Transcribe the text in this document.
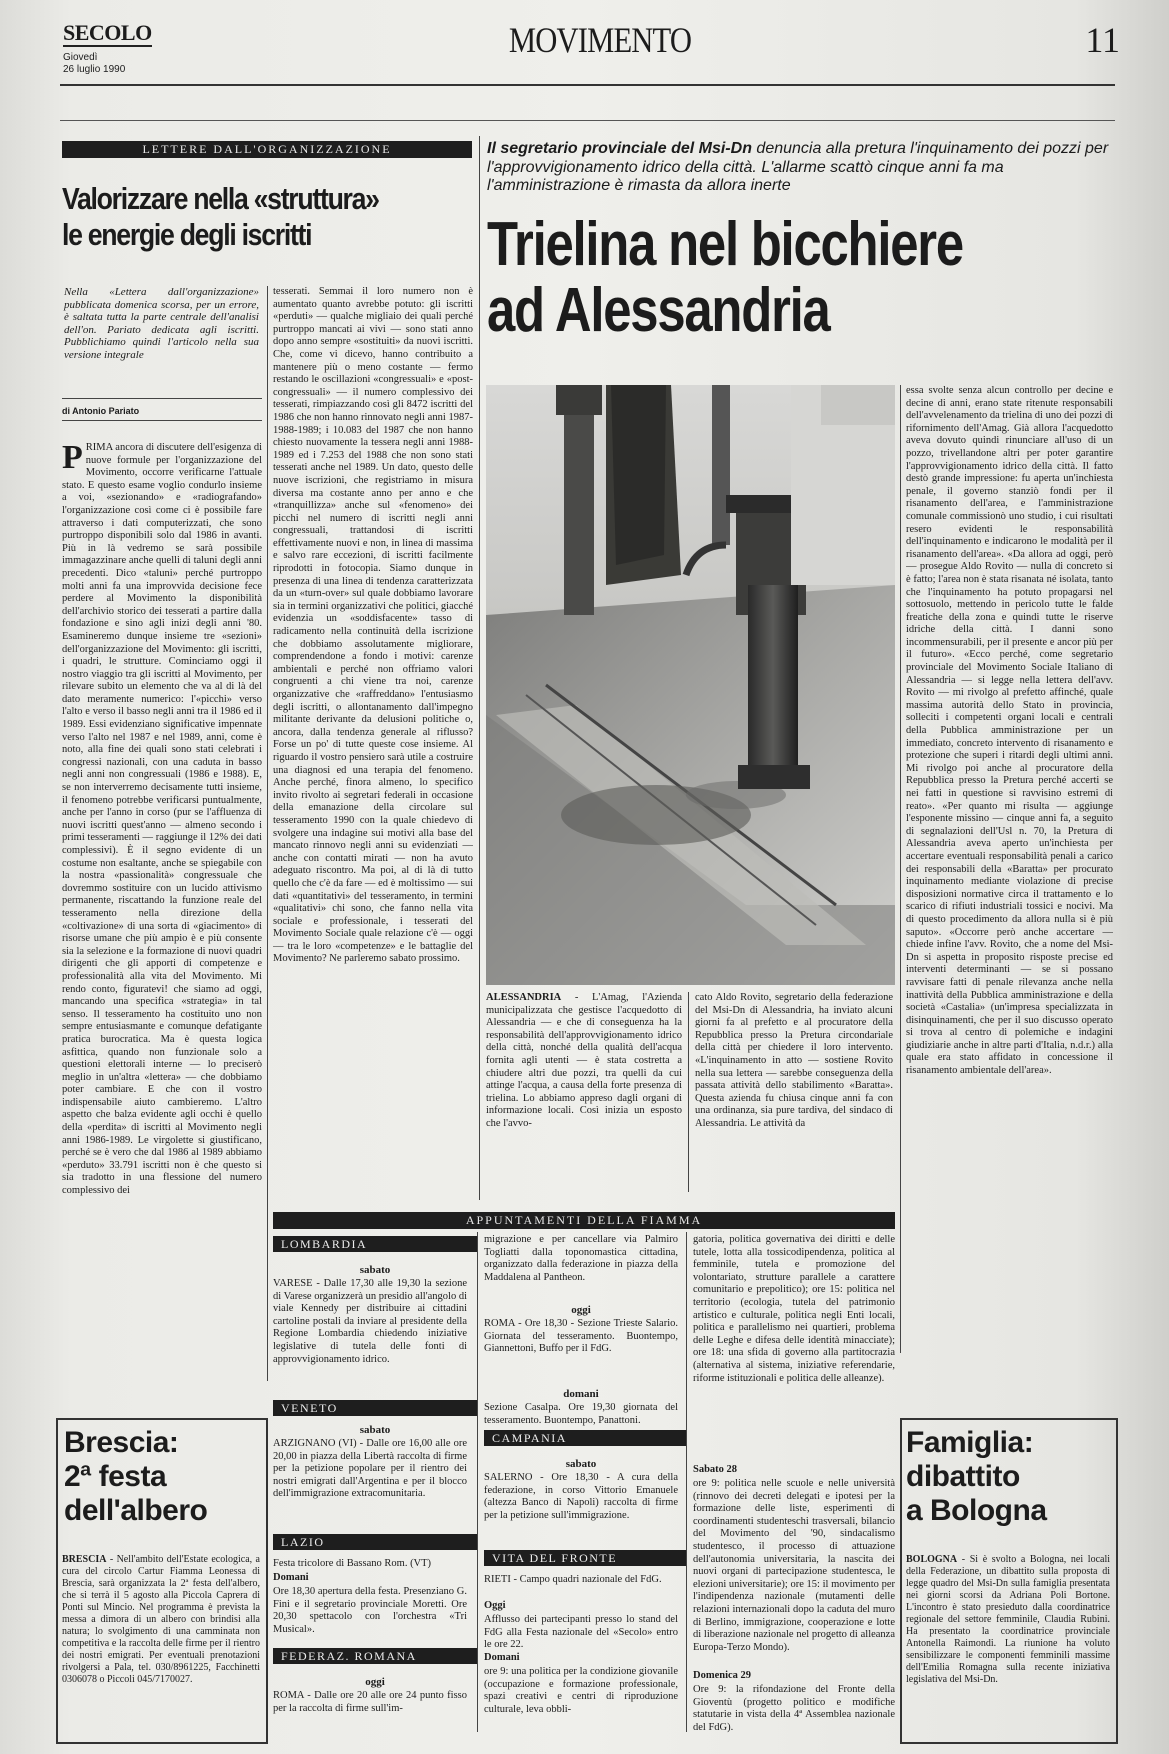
SECOLO
Giovedì
26 luglio 1990
MOVIMENTO	11
LETTERE DALL'ORGANIZZAZIONE
Valorizzare nella «struttura»
le energie degli iscritti
Nella «Lettera dall'organizzazione» pubblicata domenica scorsa, per un errore, è saltata tutta la parte centrale dell'analisi dell'on. Pariato dedicata agli iscritti. Pubblichiamo quindi l'articolo nella sua versione integrale
di Antonio Pariato
PRIMA ancora di discutere dell'esigenza di nuove formule per l'organizzazione del Movimento, occorre verificarne l'attuale stato. E questo esame voglio condurlo insieme a voi, «sezionando» e «radiografando» l'organizzazione così come ci è possibile fare attraverso i dati computerizzati, che sono purtroppo disponibili solo dal 1986 in avanti. Più in là vedremo se sarà possibile immagazzinare anche quelli di taluni degli anni precedenti. Dico «taluni» perché purtroppo molti anni fa una improvvida decisione fece perdere al Movimento la disponibilità dell'archivio storico dei tesserati a partire dalla fondazione e sino agli inizi degli anni '80. Esamineremo dunque insieme tre «sezioni» dell'organizzazione del Movimento: gli iscritti, i quadri, le strutture. Cominciamo oggi il nostro viaggio tra gli iscritti al Movimento, per rilevare subito un elemento che va al di là del dato meramente numerico: l'«picchi» verso l'alto e verso il basso negli anni tra il 1986 ed il 1989. Essi evidenziano significative impennate verso l'alto nel 1987 e nel 1989, anni, come è noto, alla fine dei quali sono stati celebrati i congressi nazionali, con una caduta in basso negli anni non congressuali (1986 e 1988). E, se non interverremo decisamente tutti insieme, il fenomeno potrebbe verificarsi puntualmente, anche per l'anno in corso (pur se l'affluenza di nuovi iscritti quest'anno — almeno secondo i primi tesseramenti — raggiunge il 12% dei dati complessivi). È il segno evidente di un costume non esaltante, anche se spiegabile con la nostra «passionalità» congressuale che dovremmo sostituire con un lucido attivismo permanente, riscattando la funzione reale del tesseramento nella direzione della «coltivazione» di una sorta di «giacimento» di risorse umane che più ampio è e più consente sia la selezione e la formazione di nuovi quadri dirigenti che gli apporti di competenze e professionalità alla vita del Movimento. Mi rendo conto, figuratevi! che siamo ad oggi, mancando una specifica «strategia» in tal senso. Il tesseramento ha costituito uno non sempre entusiasmante e comunque defatigante pratica burocratica. Ma è questa logica asfittica, quando non funzionale solo a questioni elettorali interne — lo preciserò meglio in un'altra «lettera» — che dobbiamo poter cambiare. E che con il vostro indispensabile aiuto cambieremo. L'altro aspetto che balza evidente agli occhi è quello della «perdita» di iscritti al Movimento negli anni 1986-1989. Le virgolette si giustificano, perché se è vero che dal 1986 al 1989 abbiamo «perduto» 33.791 iscritti non è che questo si sia tradotto in una flessione del numero complessivo dei
tesserati. Semmai il loro numero non è aumentato quanto avrebbe potuto: gli iscritti «perduti» — qualche migliaio dei quali perché purtroppo mancati ai vivi — sono stati anno dopo anno sempre «sostituiti» da nuovi iscritti. Che, come vi dicevo, hanno contribuito a mantenere più o meno costante — fermo restando le oscillazioni «congressuali» e «post-congressuali» — il numero complessivo dei tesserati, rimpiazzando così gli 8472 iscritti del 1986 che non hanno rinnovato negli anni 1987-1988-1989; i 10.083 del 1987 che non hanno chiesto nuovamente la tessera negli anni 1988-1989 ed i 7.253 del 1988 che non sono stati tesserati anche nel 1989. Un dato, questo delle nuove iscrizioni, che registriamo in misura diversa ma costante anno per anno e che «tranquillizza» anche sul «fenomeno» dei picchi nel numero di iscritti negli anni congressuali, trattandosi di iscritti effettivamente nuovi e non, in linea di massima e salvo rare eccezioni, di iscritti facilmente riprodotti in fotocopia. Siamo dunque in presenza di una linea di tendenza caratterizzata da un «turn-over» sul quale dobbiamo lavorare sia in termini organizzativi che politici, giacché evidenzia un «soddisfacente» tasso di radicamento nella continuità della iscrizione che dobbiamo assolutamente migliorare, comprendendone a fondo i motivi: carenze ambientali e perché non offriamo valori congruenti a chi viene tra noi, carenze organizzative che «raffreddano» l'entusiasmo degli iscritti, o allontanamento dall'impegno militante derivante da delusioni politiche o, ancora, dalla tendenza generale al riflusso? Forse un po' di tutte queste cose insieme. Al riguardo il vostro pensiero sarà utile a costruire una diagnosi ed una terapia del fenomeno. Anche perché, finora almeno, lo specifico invito rivolto ai segretari federali in occasione della emanazione della circolare sul tesseramento 1990 con la quale chiedevo di svolgere una indagine sui motivi alla base del mancato rinnovo negli anni su evidenziati — anche con contatti mirati — non ha avuto adeguato riscontro. Ma poi, al di là di tutto quello che c'è da fare — ed è moltissimo — sui dati «quantitativi» del tesseramento, in termini «qualitativi» chi sono, che fanno nella vita sociale e professionale, i tesserati del Movimento Sociale quale relazione c'è — oggi — tra le loro «competenze» e le battaglie del Movimento? Ne parleremo sabato prossimo.
Il segretario provinciale del Msi-Dn denuncia alla pretura l'inquinamento dei pozzi per l'approvvigionamento idrico della città. L'allarme scattò cinque anni fa ma l'amministrazione è rimasta da allora inerte
Trielina nel bicchiere
ad Alessandria
ALESSANDRIA - L'Amag, l'Azienda municipalizzata che gestisce l'acquedotto di Alessandria — e che di conseguenza ha la responsabilità dell'approvvigionamento idrico della città, nonché della qualità dell'acqua fornita agli utenti — è stata costretta a chiudere altri due pozzi, tra quelli da cui attinge l'acqua, a causa della forte presenza di trielina. Lo abbiamo appreso dagli organi di informazione locali. Così inizia un esposto che l'avvo-
cato Aldo Rovito, segretario della federazione del Msi-Dn di Alessandria, ha inviato alcuni giorni fa al prefetto e al procuratore della Repubblica presso la Pretura circondariale della città per chiedere il loro intervento. «L'inquinamento in atto — sostiene Rovito nella sua lettera — sarebbe conseguenza della passata attività dello stabilimento «Baratta». Questa azienda fu chiusa cinque anni fa con una ordinanza, sia pure tardiva, del sindaco di Alessandria. Le attività da
essa svolte senza alcun controllo per decine e decine di anni, erano state ritenute responsabili dell'avvelenamento da trielina di uno dei pozzi di rifornimento dell'Amag. Già allora l'acquedotto aveva dovuto quindi rinunciare all'uso di un pozzo, trivellandone altri per poter garantire l'approvvigionamento idrico della città. Il fatto destò grande impressione: fu aperta un'inchiesta penale, il governo stanziò fondi per il risanamento dell'area, e l'amministrazione comunale commissionò uno studio, i cui risultati resero evidenti le responsabilità dell'inquinamento e indicarono le modalità per il risanamento dell'area». «Da allora ad oggi, però — prosegue Aldo Rovito — nulla di concreto si è fatto; l'area non è stata risanata né isolata, tanto che l'inquinamento ha potuto propagarsi nel sottosuolo, mettendo in pericolo tutte le falde freatiche della zona e quindi tutte le riserve idriche della città. I danni sono incommensurabili, per il presente e ancor più per il futuro». «Ecco perché, come segretario provinciale del Movimento Sociale Italiano di Alessandria — si legge nella lettera dell'avv. Rovito — mi rivolgo al prefetto affinché, quale massima autorità dello Stato in provincia, solleciti i competenti organi locali e centrali della Pubblica amministrazione per un immediato, concreto intervento di risanamento e protezione che superi i ritardi degli ultimi anni. Mi rivolgo poi anche al procuratore della Repubblica presso la Pretura perché accerti se nei fatti in questione si ravvisino estremi di reato». «Per quanto mi risulta — aggiunge l'esponente missino — cinque anni fa, a seguito di segnalazioni dell'Usl n. 70, la Pretura di Alessandria aveva aperto un'inchiesta per accertare eventuali responsabilità penali a carico dei responsabili della «Baratta» per procurato inquinamento mediante violazione di precise disposizioni normative circa il trattamento e lo scarico di rifiuti industriali tossici e nocivi. Ma di questo procedimento da allora nulla si è più saputo». «Occorre però anche accertare — chiede infine l'avv. Rovito, che a nome del Msi-Dn si aspetta in proposito risposte precise ed interventi determinanti — se si possano ravvisare fatti di penale rilevanza anche nella inattività della Pubblica amministrazione e della società «Castalia» (un'impresa specializzata in disinquinamenti, che per il suo discusso operato si trova al centro di polemiche e indagini giudiziarie anche in altre parti d'Italia, n.d.r.) alla quale era stato affidato in concessione il risanamento ambientale dell'area».
APPUNTAMENTI DELLA FIAMMA
LOMBARDIA
sabato
VARESE - Dalle 17,30 alle 19,30 la sezione di Varese organizzerà un presidio all'angolo di viale Kennedy per distribuire ai cittadini cartoline postali da inviare al presidente della Regione Lombardia chiedendo iniziative legislative di tutela delle fonti di approvvigionamento idrico.
VENETO
sabato
ARZIGNANO (VI) - Dalle ore 16,00 alle ore 20,00 in piazza della Libertà raccolta di firme per la petizione popolare per il rientro dei nostri emigrati dall'Argentina e per il blocco dell'immigrazione extracomunitaria.
LAZIO
Festa tricolore di Bassano Rom. (VT)
Domani
Ore 18,30 apertura della festa. Presenziano G. Fini e il segretario provinciale Moretti. Ore 20,30 spettacolo con l'orchestra «Tri Musical».
FEDERAZ. ROMANA
oggi
ROMA - Dalle ore 20 alle ore 24 punto fisso per la raccolta di firme sull'im-
migrazione e per cancellare via Palmiro Togliatti dalla toponomastica cittadina, organizzato dalla federazione in piazza della Maddalena al Pantheon.
oggi
ROMA - Ore 18,30 - Sezione Trieste Salario. Giornata del tesseramento. Buontempo, Giannettoni, Buffo per il FdG.
domani
Sezione Casalpa. Ore 19,30 giornata del tesseramento. Buontempo, Panattoni.
CAMPANIA
sabato
SALERNO - Ore 18,30 - A cura della federazione, in corso Vittorio Emanuele (altezza Banco di Napoli) raccolta di firme per la petizione sull'immigrazione.
VITA DEL FRONTE
RIETI - Campo quadri nazionale del FdG.
Oggi
Afflusso dei partecipanti presso lo stand del FdG alla Festa nazionale del «Secolo» entro le ore 22.
Domani
ore 9: una politica per la condizione giovanile (occupazione e formazione professionale, spazi creativi e centri di riproduzione culturale, leva obbli-
gatoria, politica governativa dei diritti e delle tutele, lotta alla tossicodipendenza, politica al femminile, tutela e promozione del volontariato, strutture parallele a carattere comunitario e prepolitico); ore 15: politica nel territorio (ecologia, tutela del patrimonio artistico e culturale, politica negli Enti locali, politica e parallelismo nei quartieri, problema delle Leghe e difesa delle identità minacciate); ore 18: una sfida di governo alla partitocrazia (alternativa al sistema, iniziative referendarie, riforme istituzionali e politica delle alleanze).
Sabato 28
ore 9: politica nelle scuole e nelle università (rinnovo dei decreti delegati e ipotesi per la formazione delle liste, esperimenti di coordinamenti studenteschi trasversali, bilancio del Movimento del '90, sindacalismo studentesco, il processo di attuazione dell'autonomia universitaria, la nascita dei nuovi organi di partecipazione studentesca, le elezioni universitarie); ore 15: il movimento per l'indipendenza nazionale (mutamenti delle relazioni internazionali dopo la caduta del muro di Berlino, immigrazione, cooperazione e lotte di liberazione nazionale nel progetto di alleanza Europa-Terzo Mondo).
Domenica 29
Ore 9: la rifondazione del Fronte della Gioventù (progetto politico e modifiche statutarie in vista della 4ª Assemblea nazionale del FdG).
Brescia:
2ª festa
dell'albero
BRESCIA - Nell'ambito dell'Estate ecologica, a cura del circolo Cartur Fiamma Leonessa di Brescia, sarà organizzata la 2ª festa dell'albero, che si terrà il 5 agosto alla Piccola Caprera di Ponti sul Mincio. Nel programma è prevista la messa a dimora di un albero con brindisi alla natura; lo svolgimento di una camminata non competitiva e la raccolta delle firme per il rientro dei nostri emigrati. Per eventuali prenotazioni rivolgersi a Pala, tel. 030/8961225, Facchinetti 0306078 o Piccoli 045/7170027.
Famiglia:
dibattito
a Bologna
BOLOGNA - Si è svolto a Bologna, nei locali della Federazione, un dibattito sulla proposta di legge quadro del Msi-Dn sulla famiglia presentata nei giorni scorsi da Adriana Poli Bortone. L'incontro è stato presieduto dalla coordinatrice regionale del settore femminile, Claudia Rubini. Ha presentato la coordinatrice provinciale Antonella Raimondi. La riunione ha voluto sensibilizzare le componenti femminili massime dell'Emilia Romagna sulla recente iniziativa legislativa del Msi-Dn.
